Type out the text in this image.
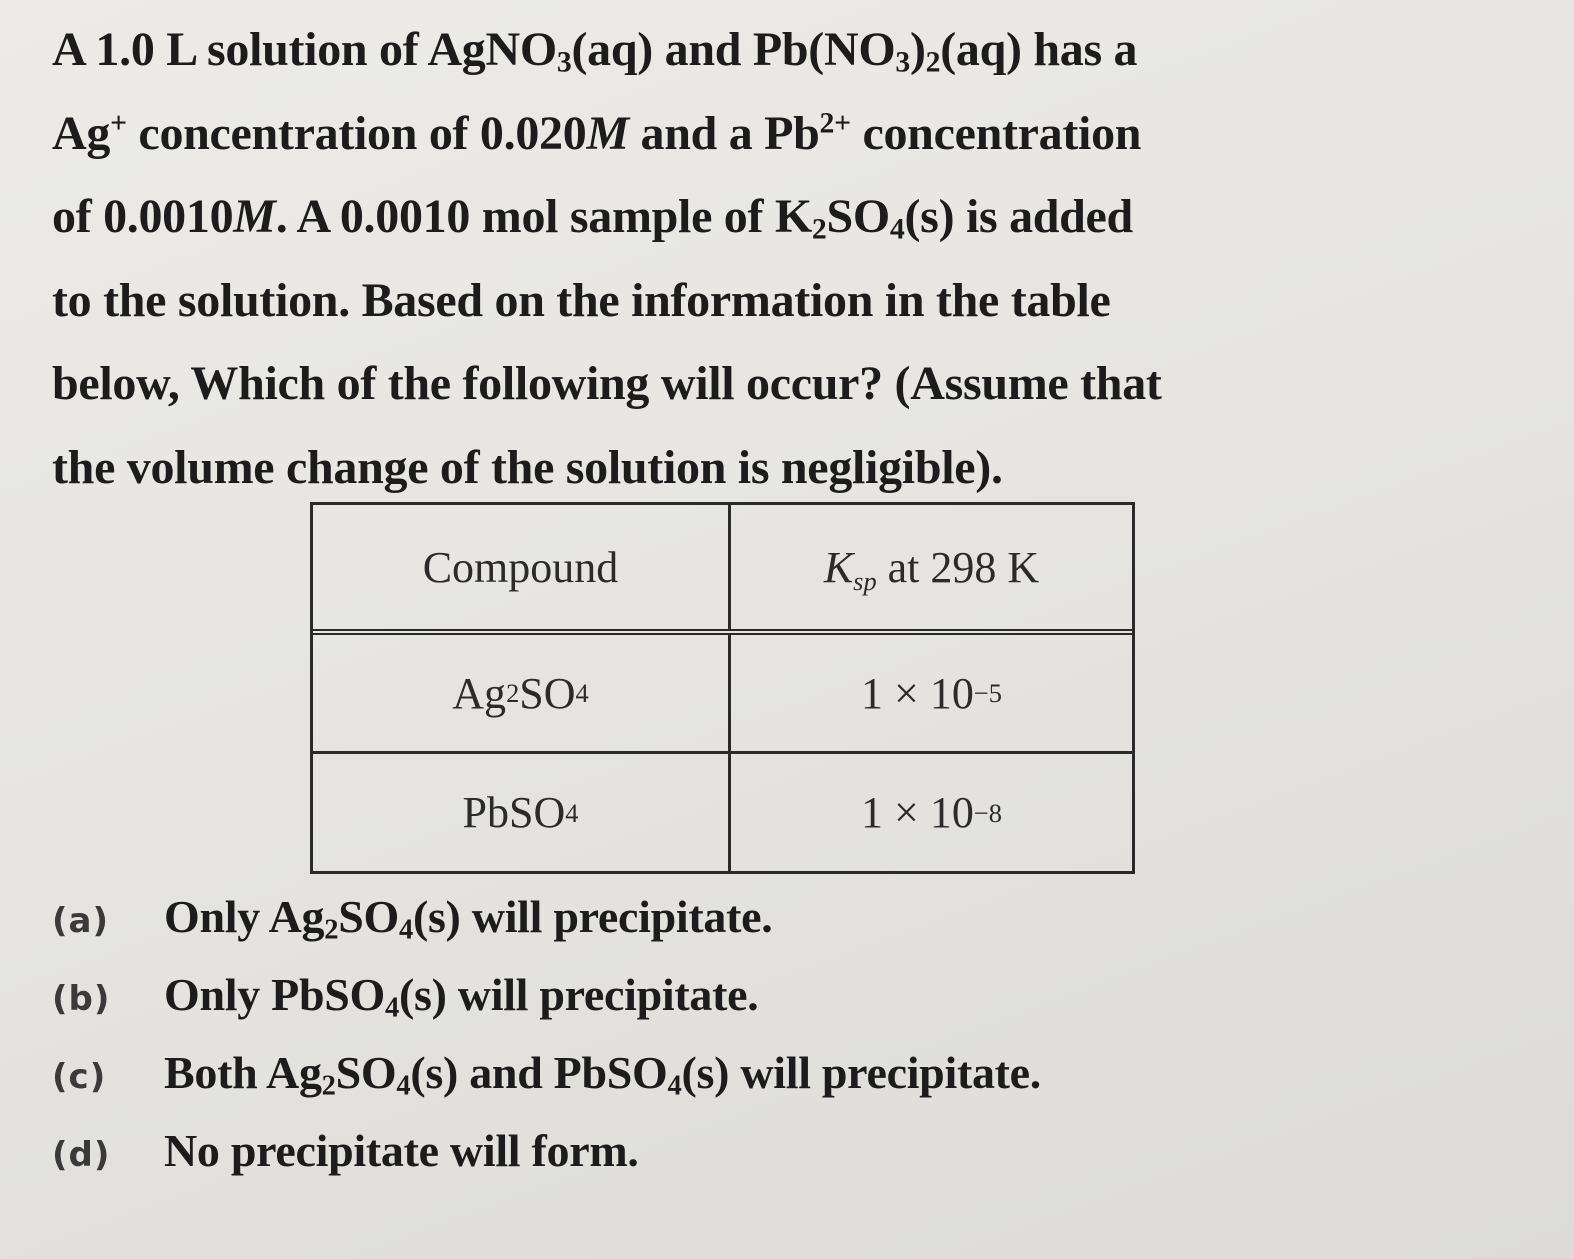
A 1.0 L solution of AgNO$_3$(aq) and $Pb(NO_3)_2(aq)$ has a
Ag+ concentration of 0.020M and a $Pb^{2+}$ concentration
of 0.0010M. A 0.0010 mol sample of $K_2SO_4(s)$ is added
to the solution. Based on the information in the table
below, Which of the following will occur? (Assume that
the volume change of the solution is negligible).
Compound	$K_{sp}$ at 298 K
Ag 2 SO 4	1 × 10 −5
PbSO 4	1 × 10 −8
(a)	Only $Ag_2SO_4(s)$ will precipitate.
(b)	Only PbSO$_4$(s) will precipitate.
(c)	Both $Ag_2SO_4(s)$ and PbSO$_4$(s) will precipitate.
(d)	No precipitate will form.
